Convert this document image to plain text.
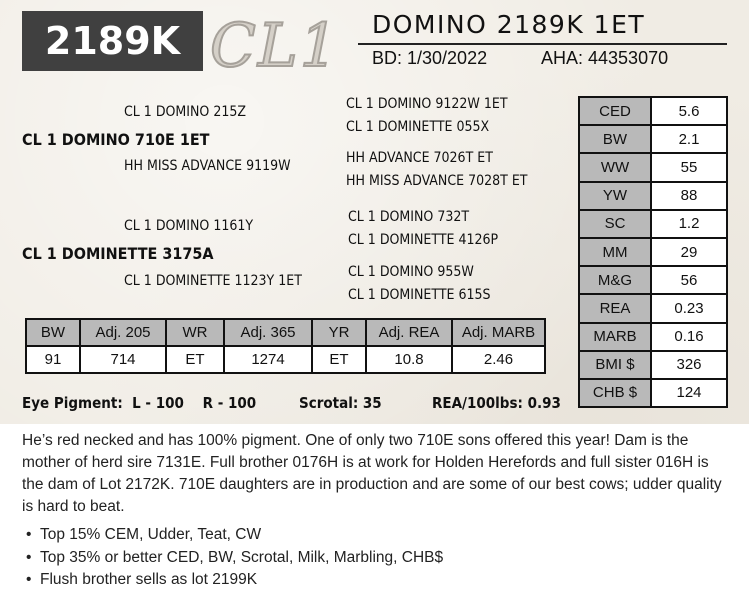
2189K CL1 DOMINO 2189K 1ET
BD: 1/30/2022	AHA: 44353070
CL 1 DOMINO 215Z
CL 1 DOMINO 710E 1ET
HH MISS ADVANCE 9119W
CL 1 DOMINO 9122W 1ET
CL 1 DOMINETTE 055X
HH ADVANCE 7026T ET
HH MISS ADVANCE 7028T ET
CL 1 DOMINO 1161Y
CL 1 DOMINETTE 3175A
CL 1 DOMINETTE 1123Y 1ET
CL 1 DOMINO 732T
CL 1 DOMINETTE 4126P
CL 1 DOMINO 955W
CL 1 DOMINETTE 615S
CED	5.6
BW	2.1
WW	55
YW	88
SC	1.2
MM	29
M&G	56
REA	0.23
MARB	0.16
BMI $	326
CHB $	124
BW	Adj. 205	WR	Adj. 365	YR	Adj. REA	Adj. MARB
91	714	ET	1274	ET	10.8	2.46
Eye Pigment:  L - 100    R - 100	Scrotal: 35	REA/100lbs: 0.93
He’s red necked and has 100% pigment. One of only two 710E sons offered this year! Dam is the mother of herd sire 7131E. Full brother 0176H is at work for Holden Herefords and full sister 016H is the dam of Lot 2172K. 710E daughters are in production and are some of our best cows; udder quality is hard to beat.
• Top 15% CEM, Udder, Teat, CW
• Top 35% or better CED, BW, Scrotal, Milk, Marbling, CHB$
• Flush brother sells as lot 2199K
